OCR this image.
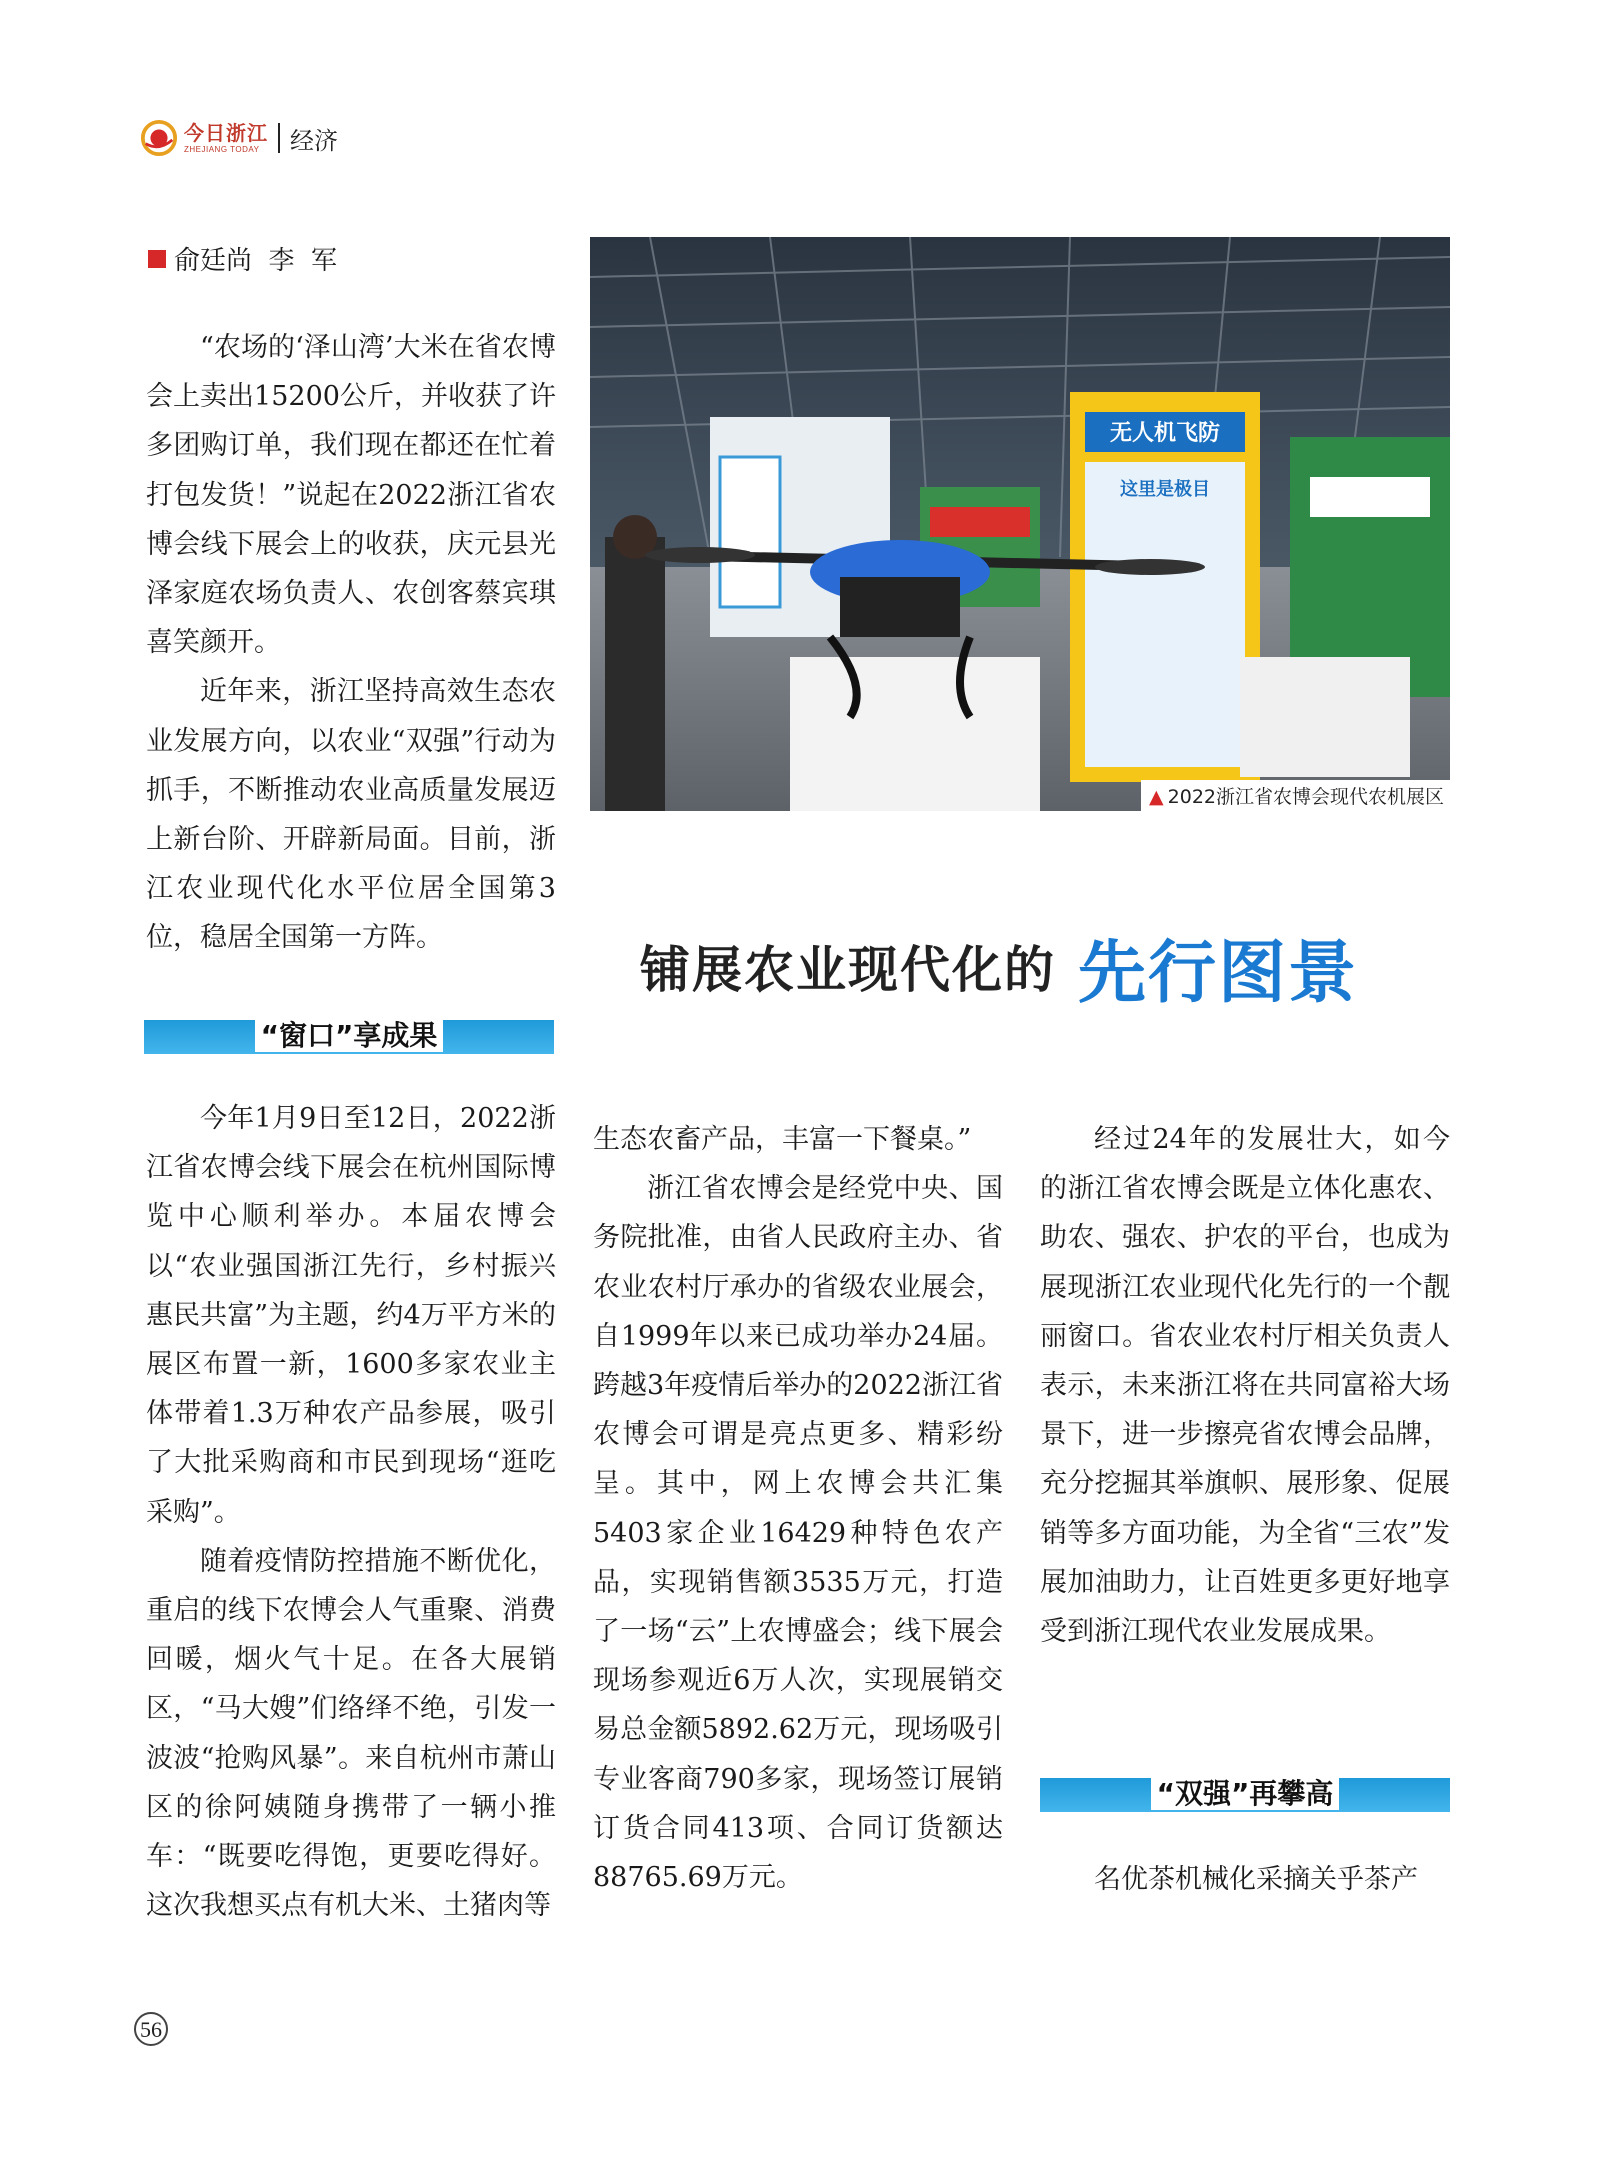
今日浙江
ZHEJIANG TODAY	经济
俞廷尚  李  军

“农场的‘泽山湾’大米在省农博会上卖出15200公斤，并收获了许多团购订单，我们现在都还在忙着打包发货！”说起在2022浙江省农博会线下展会上的收获，庆元县光泽家庭农场负责人、农创客蔡宾琪喜笑颜开。

近年来，浙江坚持高效生态农业发展方向，以农业“双强”行动为抓手，不断推动农业高质量发展迈上新台阶、开辟新局面。目前，浙江农业现代化水平位居全国第3位，稳居全国第一方阵。

无人机飞防
这里是极目
▲ 2022浙江省农博会现代农机展区
铺展农业现代化的 先行图景
“窗口”享成果

今年1月9日至12日，2022浙江省农博会线下展会在杭州国际博览中心顺利举办。本届农博会以“农业强国浙江先行，乡村振兴惠民共富”为主题，约4万平方米的展区布置一新，1600多家农业主体带着1.3万种农产品参展，吸引了大批采购商和市民到现场“逛吃采购”。

随着疫情防控措施不断优化，重启的线下农博会人气重聚、消费回暖，烟火气十足。在各大展销区，“马大嫂”们络绎不绝，引发一波波“抢购风暴”。来自杭州市萧山区的徐阿姨随身携带了一辆小推车：“既要吃得饱，更要吃得好。这次我想买点有机大米、土猪肉等

生态农畜产品，丰富一下餐桌。”

浙江省农博会是经党中央、国务院批准，由省人民政府主办、省农业农村厅承办的省级农业展会，自1999年以来已成功举办24届。跨越3年疫情后举办的2022浙江省农博会可谓是亮点更多、精彩纷呈。其中，网上农博会共汇集5403家企业16429种特色农产品，实现销售额3535万元，打造了一场“云”上农博盛会；线下展会现场参观近6万人次，实现展销交易总金额5892.62万元，现场吸引专业客商790多家，现场签订展销订货合同413项、合同订货额达88765.69万元。

经过24年的发展壮大，如今的浙江省农博会既是立体化惠农、助农、强农、护农的平台，也成为展现浙江农业现代化先行的一个靓丽窗口。省农业农村厅相关负责人表示，未来浙江将在共同富裕大场景下，进一步擦亮省农博会品牌，充分挖掘其举旗帜、展形象、促展销等多方面功能，为全省“三农”发展加油助力，让百姓更多更好地享受到浙江现代农业发展成果。

“双强”再攀高

名优茶机械化采摘关乎茶产

56
